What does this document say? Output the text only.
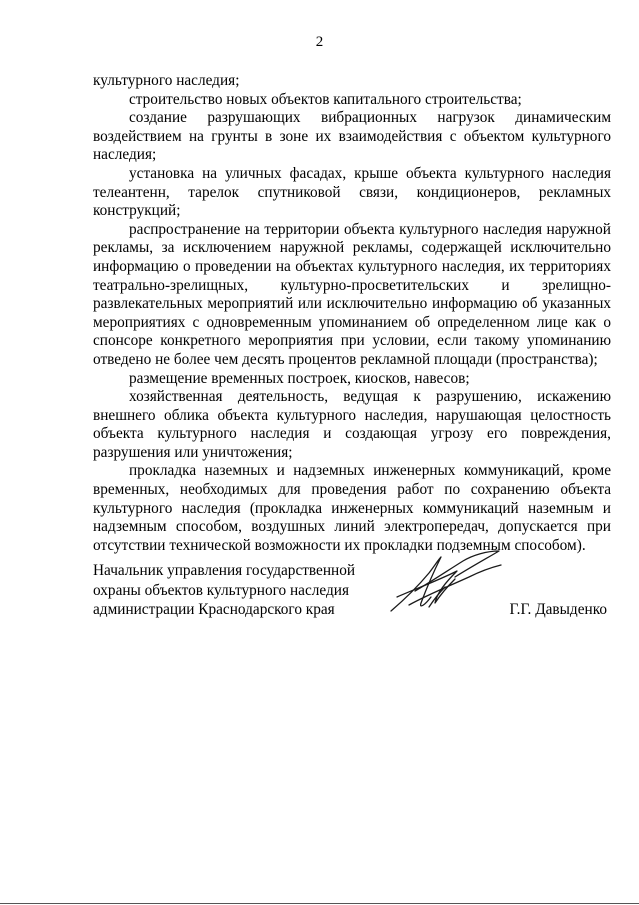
2

культурного наследия;

строительство новых объектов капитального строительства;

создание разрушающих вибрационных нагрузок динамическим воздействием на грунты в зоне их взаимодействия с объектом культурного наследия;

установка на уличных фасадах, крыше объекта культурного наследия телеантенн, тарелок спутниковой связи, кондиционеров, рекламных конструкций;

распространение на территории объекта культурного наследия наружной рекламы, за исключением наружной рекламы, содержащей исключительно информацию о проведении на объектах культурного наследия, их территориях театрально-зрелищных, культурно-просветительских и зрелищно-развлекательных мероприятий или исключительно информацию об указанных мероприятиях с одновременным упоминанием об определенном лице как о спонсоре конкретного мероприятия при условии, если такому упоминанию отведено не более чем десять процентов рекламной площади (пространства);

размещение временных построек, киосков, навесов;

хозяйственная деятельность, ведущая к разрушению, искажению внешнего облика объекта культурного наследия, нарушающая целостность объекта культурного наследия и создающая угрозу его повреждения, разрушения или уничтожения;

прокладка наземных и надземных инженерных коммуникаций, кроме временных, необходимых для проведения работ по сохранению объекта культурного наследия (прокладка инженерных коммуникаций наземным и надземным способом, воздушных линий электропередач, допускается при отсутствии технической возможности их прокладки подземным способом).

Начальник управления государственной
охраны объектов культурного наследия
администрации Краснодарского края	Г.Г. Давыденко
